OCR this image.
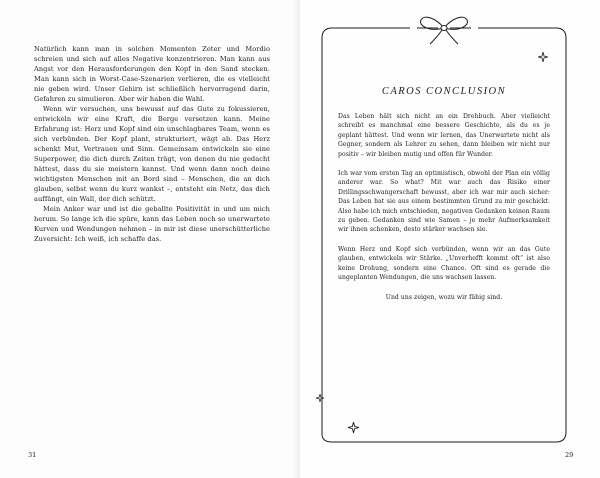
Natürlich kann man in solchen Momenten Zeter und Mordio schreien und sich auf alles Negative konzentrieren. Man kann aus Angst vor den Herausforderungen den Kopf in den Sand stecken. Man kann sich in Worst-Case-Szenarien verlieren, die es vielleicht nie geben wird. Unser Gehirn ist schließlich hervorragend darin, Gefahren zu simulieren. Aber wir haben die Wahl.

Wenn wir versuchen, uns bewusst auf das Gute zu fokussieren, entwickeln wir eine Kraft, die Berge versetzen kann. Meine Erfahrung ist: Herz und Kopf sind ein unschlagbares Team, wenn es sich verbünden. Der Kopf plant, strukturiert, wägt ab. Das Herz schenkt Mut, Vertrauen und Sinn. Gemeinsam entwickeln sie eine Superpower, die dich durch Zeiten trägt, von denen du nie gedacht hättest, dass du sie meistern kannst. Und wenn dann noch deine wichtigsten Menschen mit an Bord sind – Menschen, die an dich glauben, selbst wenn du kurz wankst –, entsteht ein Netz, das dich auffängt, ein Wall, der dich schützt.

Mein Anker war und ist die geballte Positivität in und um mich herum. So lange ich die spüre, kann das Leben noch so unerwartete Kurven und Wendungen nehmen – in mir ist diese unerschütterliche Zuversicht: Ich weiß, ich schaffe das.

31
CAROS CONCLUSION

Das Leben hält sich nicht an ein Drehbuch. Aber vielleicht schreibt es manchmal eine bessere Geschichte, als du es je geplant hättest. Und wenn wir lernen, das Unerwartete nicht als Gegner, sondern als Lehrer zu sehen, dann bleiben wir nicht nur positiv – wir bleiben mutig und offen für Wunder.

Ich war vom ersten Tag an optimistisch, obwohl der Plan ein völlig anderer war. So what? Mit war auch das Risiko einer Drillingsschwangerschaft bewusst, aber ich war mir auch sicher: Das Leben hat sie aus einem bestimmten Grund zu mir geschickt. Also habe ich mich entschieden, negativen Gedanken keinen Raum zu geben. Gedanken sind wie Samen – je mehr Aufmerksamkeit wir ihnen schenken, desto stärker wachsen sie.

Wenn Herz und Kopf sich verbünden, wenn wir an das Gute glauben, entwickeln wir Stärke. „Unverhofft kommt oft“ ist also keine Drohung, sondern eine Chance. Oft sind es gerade die ungeplanten Wendungen, die uns wachsen lassen.

Und uns zeigen, wozu wir fähig sind.

29
